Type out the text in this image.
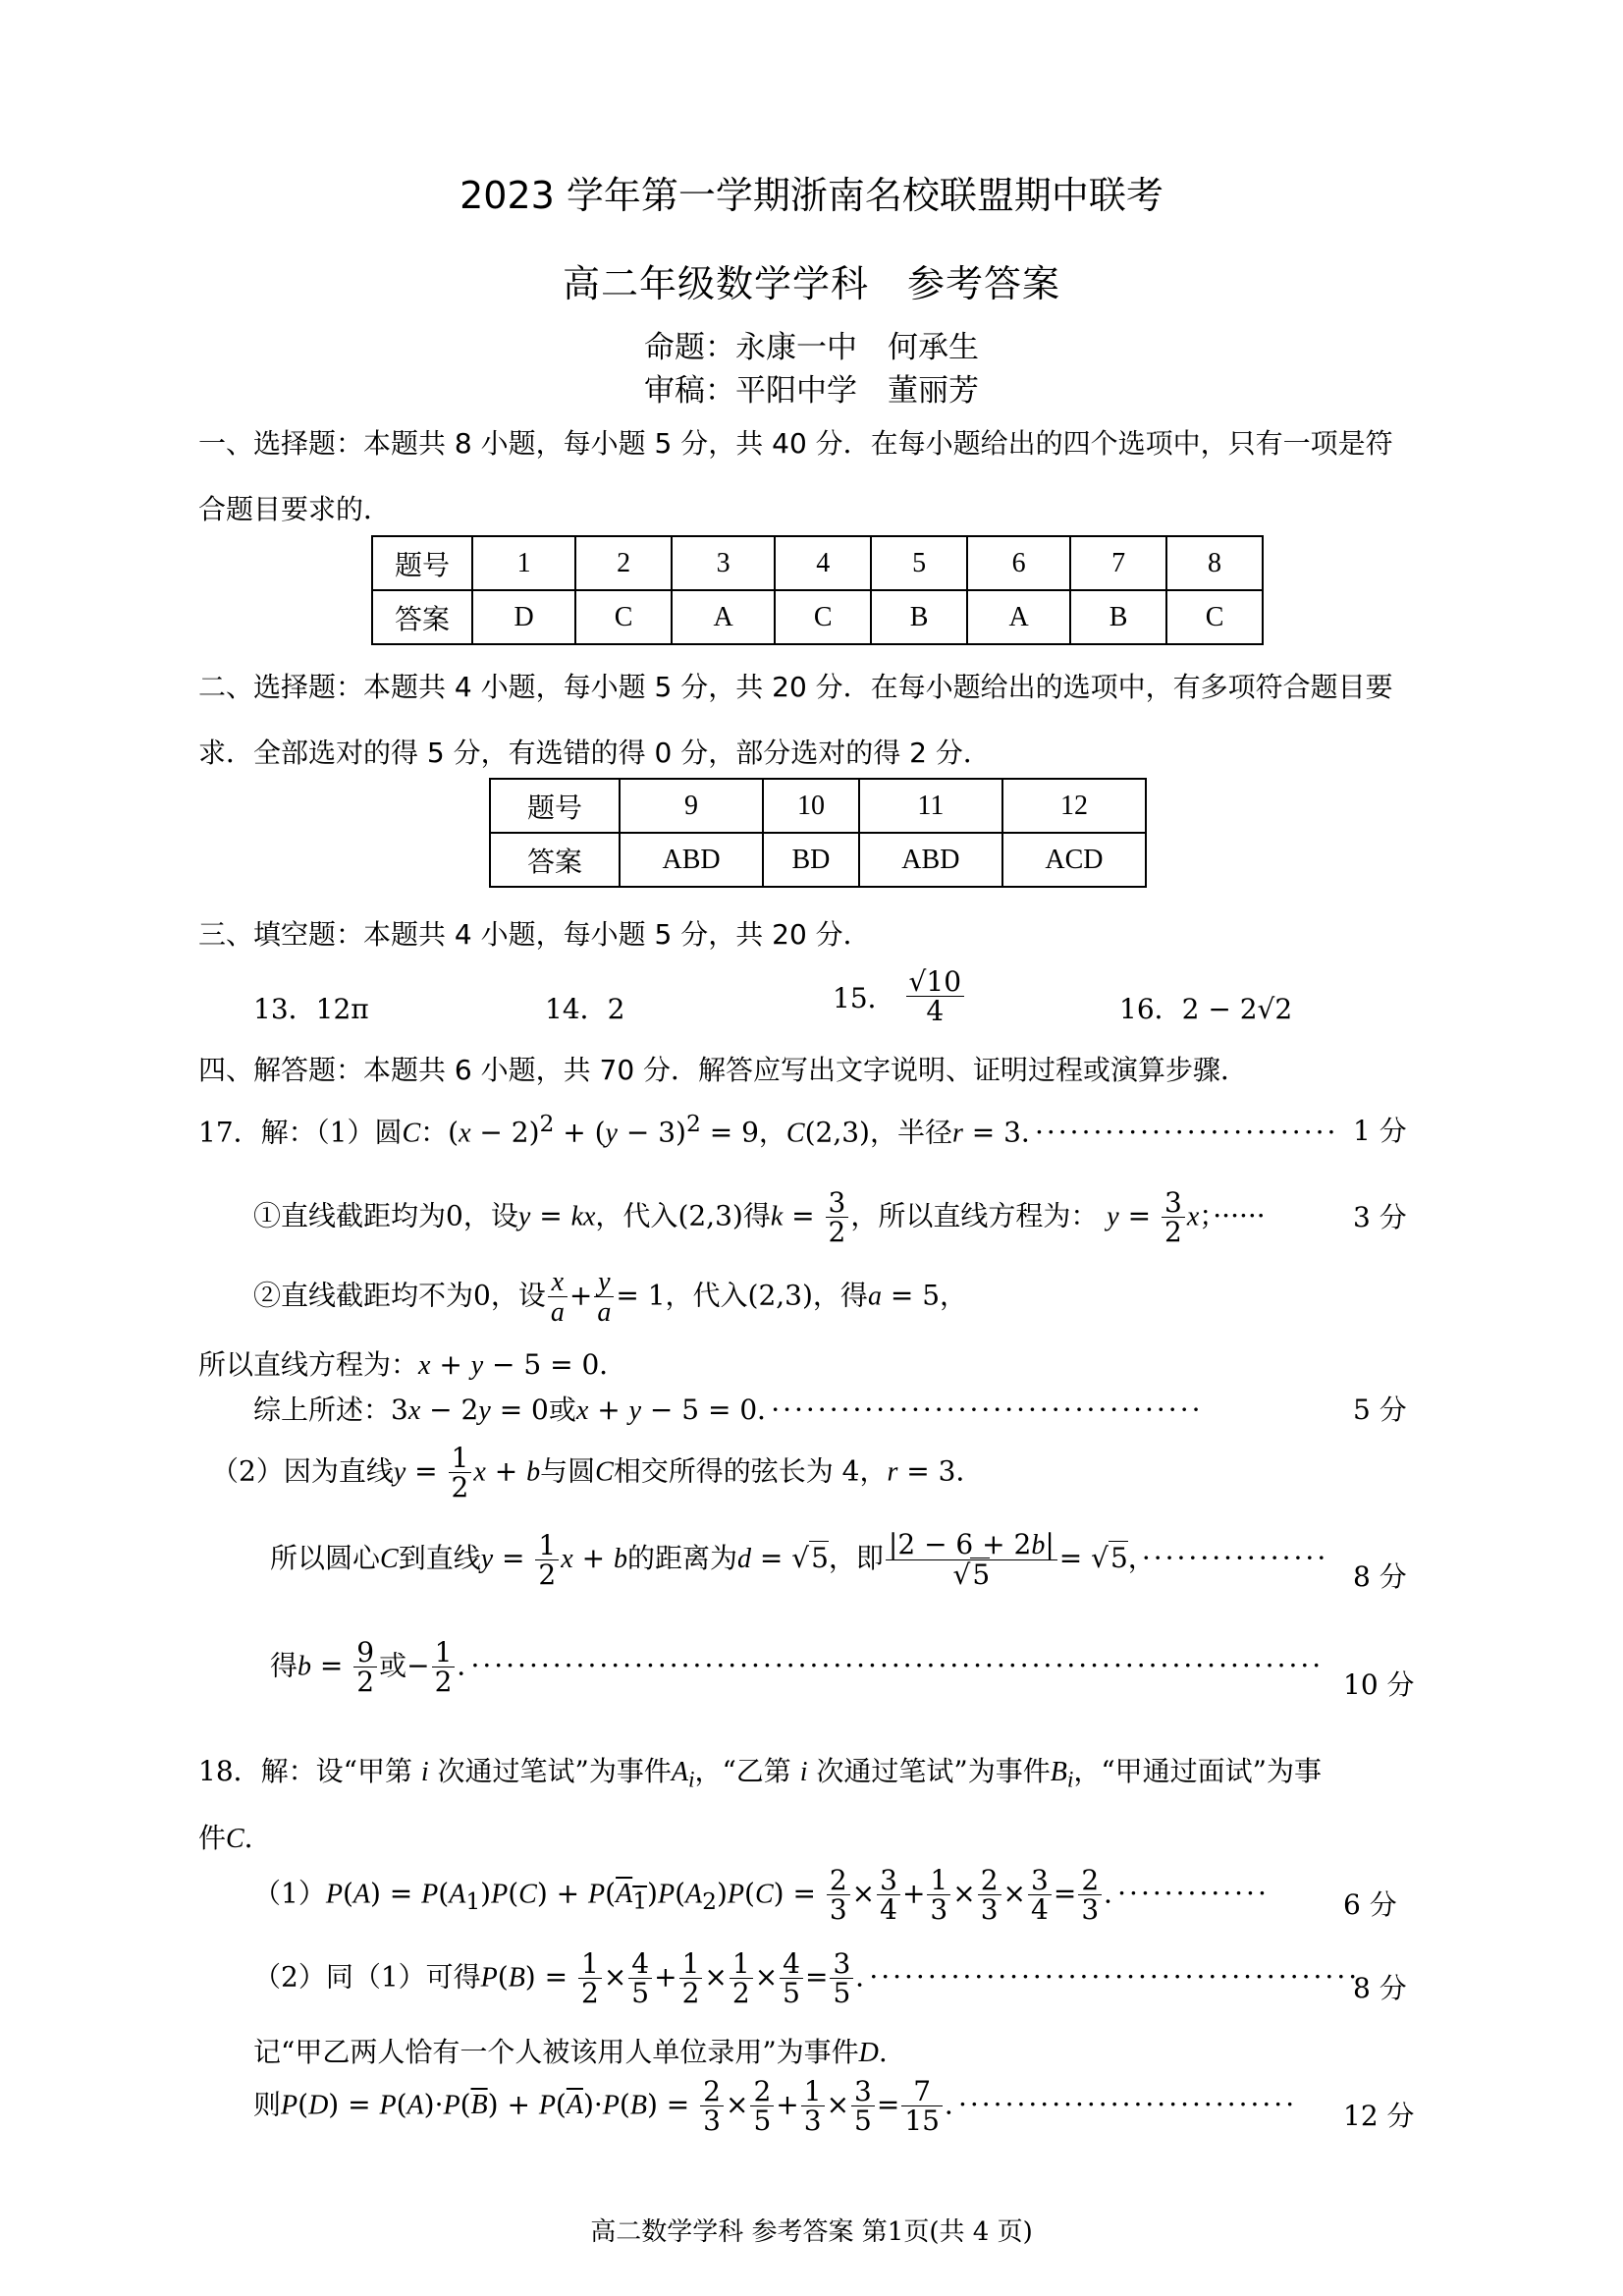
2023 学年第一学期浙南名校联盟期中联考
高二年级数学学科　参考答案
命题：永康一中　何承生
审稿：平阳中学　董丽芳
一、选择题：本题共 8 小题，每小题 5 分，共 40 分．在每小题给出的四个选项中，只有一项是符
合题目要求的．
题号	1	2	3	4	5	6	7	8
答案	D	C	A	C	B	A	B	C
二、选择题：本题共 4 小题，每小题 5 分，共 20 分．在每小题给出的选项中，有多项符合题目要
求．全部选对的得 5 分，有选错的得 0 分，部分选对的得 2 分．
题号	9	10	11	12
答案	ABD	BD	ABD	ACD
三、填空题：本题共 4 小题，每小题 5 分，共 20 分．
13．12π	14．2	15． $\frac{√10}{4}$	16．2 − 2√2
四、解答题：本题共 6 小题，共 70 分．解答应写出文字说明、证明过程或演算步骤．
17．解：（1）圆C：$(x - 2)^2 + (y - 3)^2 = 9$，C(2,3)，半径r = 3．·························· 1 分
①直线截距均为0，设y = kx，代入(2,3)得$k = \frac{3}{2}$ ，所以直线方程为： $y = \frac{3}{2}$ x；······	3 分
②直线截距均不为0，设 $\frac{x}{a} + \frac{y}{a} = 1$，代入(2,3)，得a = 5，
所以直线方程为：x + y − 5 = 0．
综上所述：3x − 2y = 0或x + y − 5 = 0．·····································	5 分
（2）因为直线$y = \frac{1}{2}$ x + b与圆C相交所得的弦长为 4，r = 3．
所以圆心C到直线$y = \frac{1}{2}$ x + b的距离为d = √5，即 $\frac{|2 - 6 + 2b|}{√5} = √5$，················
8 分
得$b = \frac{9}{2}$ 或− $\frac{1}{2}$ ．·········································································
10 分
18．解：设“甲第 i 次通过笔试”为事件$A_i$，“乙第 i 次通过笔试”为事件$B_i$，“甲通过面试”为事
件C．
$(1)P(A) = P(A_1)P(C) + P(A_1)P(A_2)P(C) = \frac{2}{3} \times \frac{3}{4} + \frac{1}{3} \times \frac{2}{3} \times \frac{3}{4} = \frac{2}{3}$ ．·············	6 分
（2）同（1）可得$P(B) = \frac{1}{2} \times \frac{4}{5} + \frac{1}{2} \times \frac{1}{2} \times \frac{4}{5} = \frac{3}{5}$ ．··········································
8 分
记“甲乙两人恰有一个人被该用人单位录用”为事件D.
则$P(D) = P(A)\cdot P(\overline{B}) + P(\overline{A})\cdot P(B) = \frac{2}{3} \times \frac{2}{5} + \frac{1}{3} \times \frac{3}{5} = \frac{7}{15}$ ．····························· 12 分
高二数学学科 参考答案 第1页(共 4 页)
